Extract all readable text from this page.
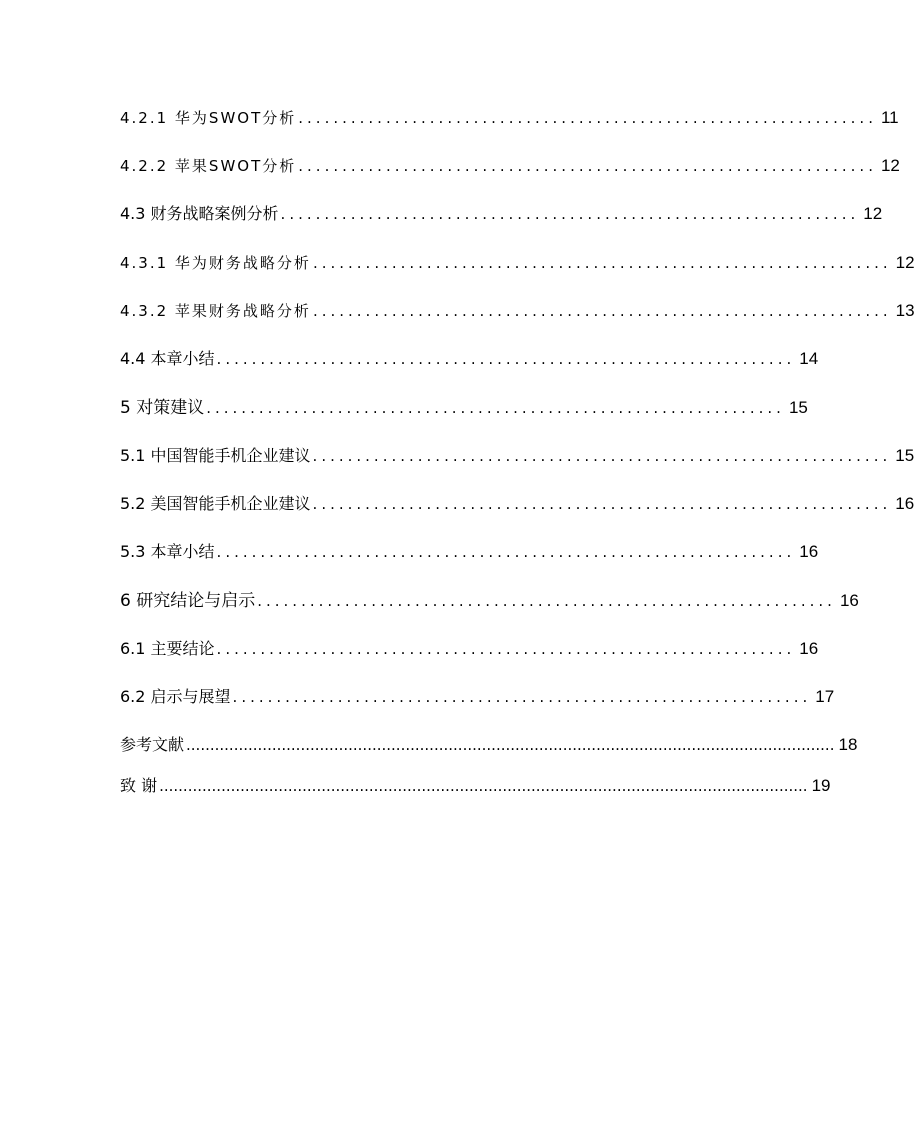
4.2.1 华为SWOT分析 .................................................................. 11
4.2.2 苹果SWOT分析 .................................................................. 12
4.3 财务战略案例分析 .................................................................. 12
4.3.1 华为财务战略分析 .................................................................. 12
4.3.2 苹果财务战略分析 .................................................................. 13
4.4 本章小结 .................................................................. 14
5 对策建议 .................................................................. 15
5.1 中国智能手机企业建议 .................................................................. 15
5.2 美国智能手机企业建议 .................................................................. 16
5.3 本章小结 .................................................................. 16
6 研究结论与启示 .................................................................. 16
6.1 主要结论 .................................................................. 16
6.2 启示与展望 .................................................................. 17
参考文献 ........................................................................................................................................ 18
致 谢 ........................................................................................................................................ 19
